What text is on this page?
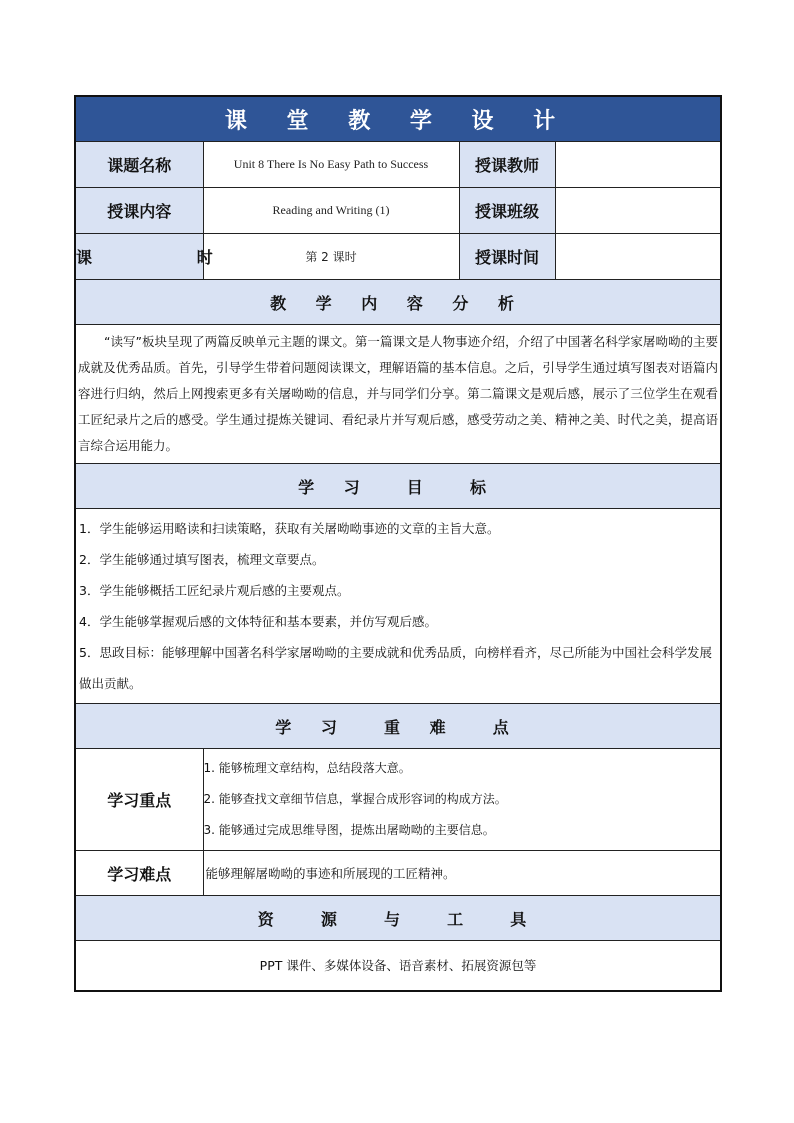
课 堂 教 学 设 计			
课题名称	Unit 8 There Is No Easy Path to Success	授课教师	
授课内容	Reading and Writing (1)	授课班级	
课   时	第 2 课时	授课时间	
教 学 内 容 分 析			
“读写”板块呈现了两篇反映单元主题的课文。第一篇课文是人物事迹介绍，介绍了中国著名科学家屠呦呦的主要成就及优秀品质。首先，引导学生带着问题阅读课文，理解语篇的基本信息。之后，引导学生通过填写图表对语篇内容进行归纳，然后上网搜索更多有关屠呦呦的信息，并与同学们分享。第二篇课文是观后感，展示了三位学生在观看工匠纪录片之后的感受。学生通过提炼关键词、看纪录片并写观后感，感受劳动之美、精神之美、时代之美，提高语言综合运用能力。			
学 习  目  标			

1．学生能够运用略读和扫读策略，获取有关屠呦呦事迹的文章的主旨大意。
2．学生能够通过填写图表，梳理文章要点。
3．学生能够概括工匠纪录片观后感的主要观点。
4．学生能够掌握观后感的文体特征和基本要素，并仿写观后感。
5．思政目标：能够理解中国著名科学家屠呦呦的主要成就和优秀品质，向榜样看齐，尽己所能为中国社会科学发展做出贡献。			

学 习  重 难  点			
学习重点	1. 能够梳理文章结构，总结段落大意。
2. 能够查找文章细节信息，掌握合成形容词的构成方法。
3. 能够通过完成思维导图，提炼出屠呦呦的主要信息。		

学习难点	能够理解屠呦呦的事迹和所展现的工匠精神。		
资  源  与  工  具			
PPT 课件、多媒体设备、语音素材、拓展资源包等			
